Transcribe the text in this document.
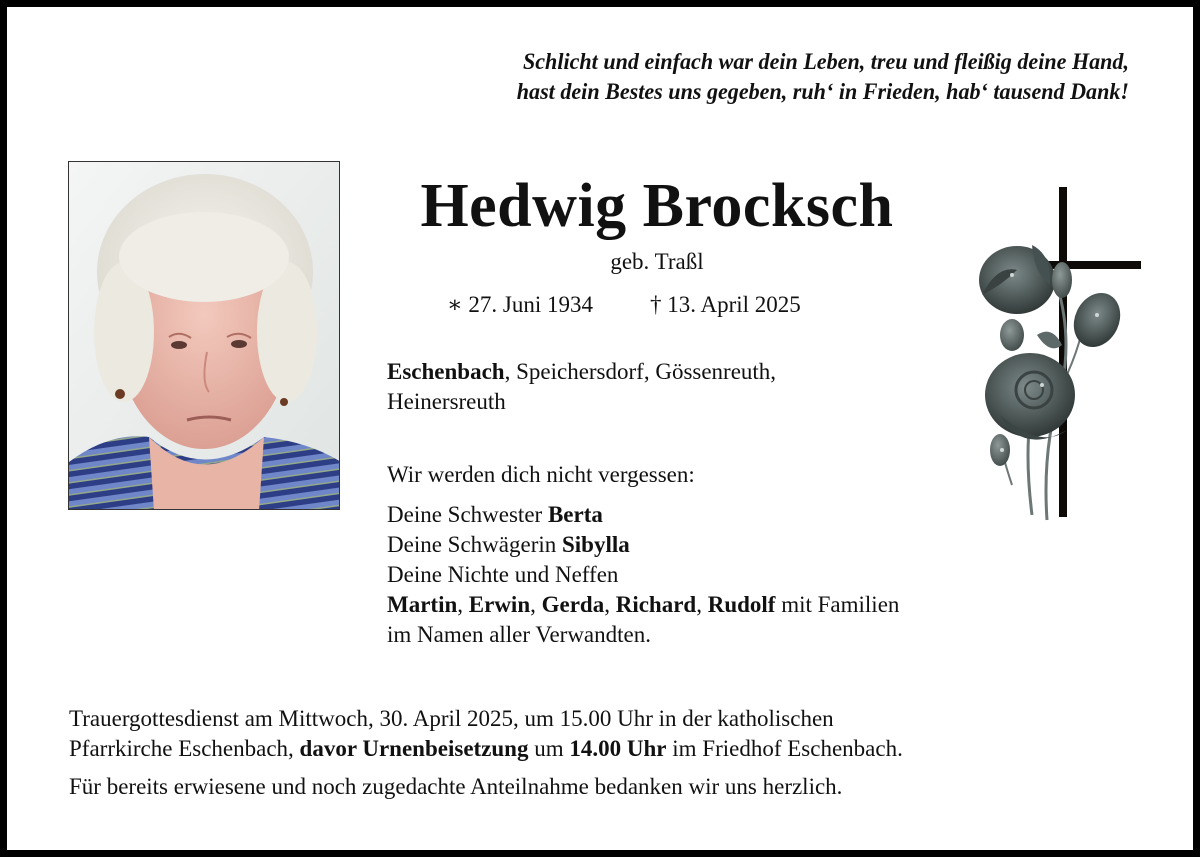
Schlicht und einfach war dein Leben, treu und fleißig deine Hand,
hast dein Bestes uns gegeben, ruh‘ in Frieden, hab‘ tausend Dank!
Hedwig Brocksch
geb. Traßl
∗ 27. Juni 1934 † 13. April 2025
Eschenbach, Speichersdorf, Gössenreuth,
Heinersreuth
Wir werden dich nicht vergessen:
Deine Schwester Berta
Deine Schwägerin Sibylla
Deine Nichte und Neffen
Martin, Erwin, Gerda, Richard, Rudolf mit Familien
im Namen aller Verwandten.
Trauergottesdienst am Mittwoch, 30. April 2025, um 15.00 Uhr in der katholischen
Pfarrkirche Eschenbach, davor Urnenbeisetzung um 14.00 Uhr im Friedhof Eschenbach.
Für bereits erwiesene und noch zugedachte Anteilnahme bedanken wir uns herzlich.
